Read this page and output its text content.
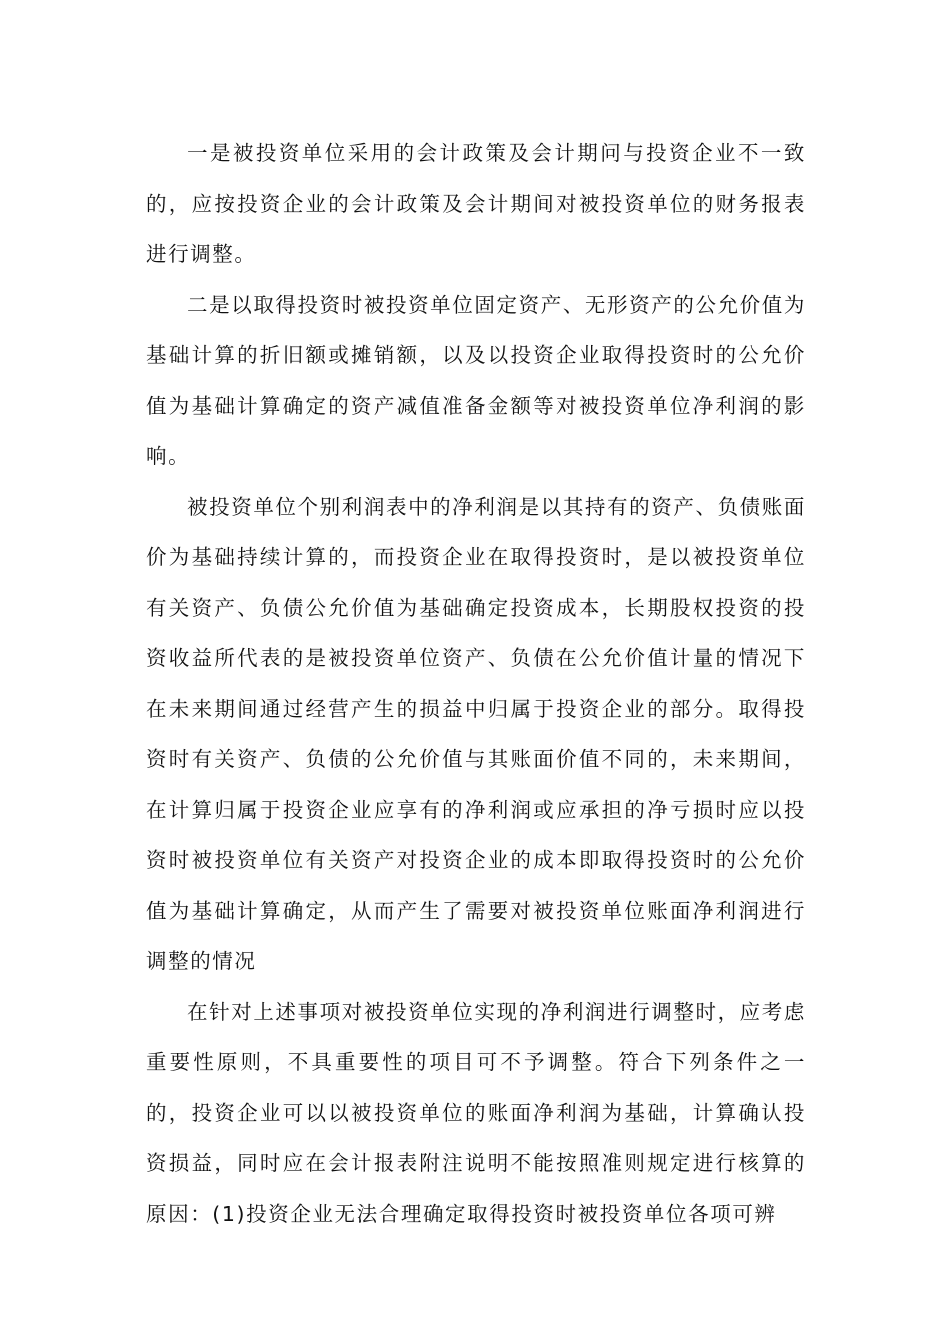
一是被投资单位采用的会计政策及会计期问与投资企业不一致的，应按投资企业的会计政策及会计期间对被投资单位的财务报表进行调整。

二是以取得投资时被投资单位固定资产、无形资产的公允价值为基础计算的折旧额或摊销额，以及以投资企业取得投资时的公允价值为基础计算确定的资产减值准备金额等对被投资单位净利润的影响。

被投资单位个别利润表中的净利润是以其持有的资产、负债账面价为基础持续计算的，而投资企业在取得投资时，是以被投资单位有关资产、负债公允价值为基础确定投资成本，长期股权投资的投资收益所代表的是被投资单位资产、负债在公允价值计量的情况下在未来期间通过经营产生的损益中归属于投资企业的部分。取得投资时有关资产、负债的公允价值与其账面价值不同的，未来期间，在计算归属于投资企业应享有的净利润或应承担的净亏损时应以投资时被投资单位有关资产对投资企业的成本即取得投资时的公允价值为基础计算确定，从而产生了需要对被投资单位账面净利润进行调整的情况

在针对上述事项对被投资单位实现的净利润进行调整时，应考虑重要性原则，不具重要性的项目可不予调整。符合下列条件之一的，投资企业可以以被投资单位的账面净利润为基础，计算确认投资损益，同时应在会计报表附注说明不能按照准则规定进行核算的原因：(1)投资企业无法合理确定取得投资时被投资单位各项可辨
